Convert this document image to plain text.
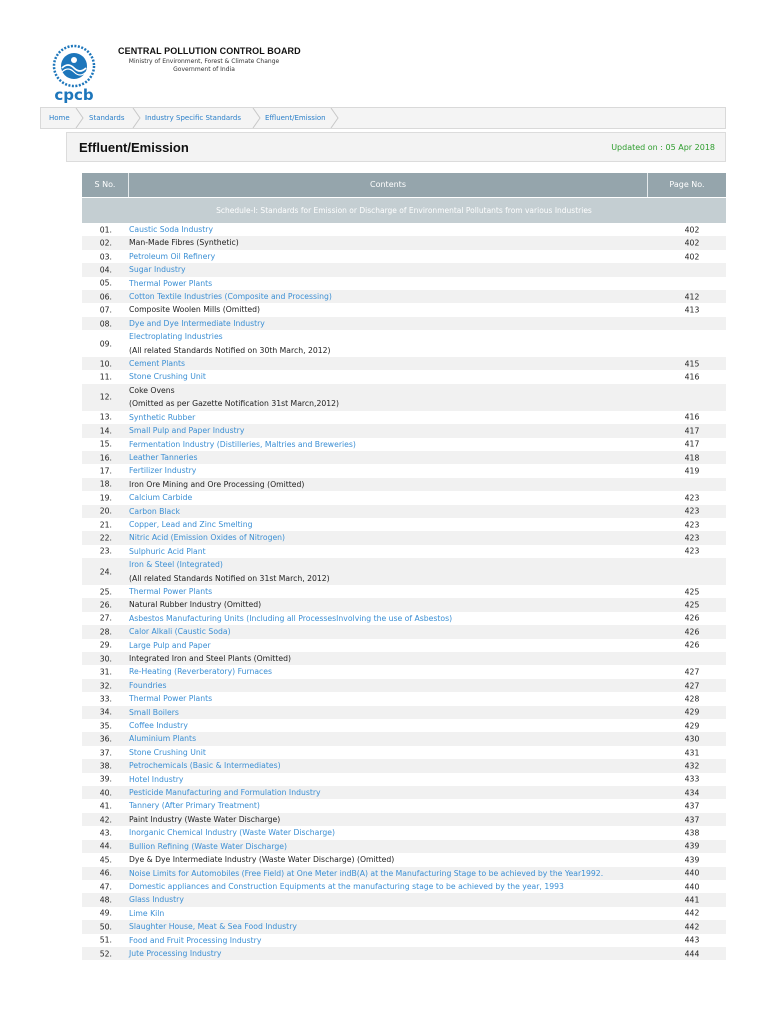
cpcb
CENTRAL POLLUTION CONTROL BOARD
Ministry of Environment, Forest & Climate Change
Government of India
Home	Standards	Industry Specific Standards	Effluent/Emission
Effluent/Emission	Updated on : 05 Apr 2018
S No.	Contents	Page No.
Schedule-I: Standards for Emission or Discharge of Environmental Pollutants from various Industries
01. Caustic Soda Industry	402
02. Man-Made Fibres (Synthetic)	402
03. Petroleum Oil Refinery	402
04. Sugar Industry
05. Thermal Power Plants
06. Cotton Textile Industries (Composite and Processing)	412
07. Composite Woolen Mills (Omitted)	413
08. Dye and Dye Intermediate Industry
09.
Electroplating Industries
(All related Standards Notified on 30th March, 2012)
10. Cement Plants	415
11. Stone Crushing Unit	416
12.
Coke Ovens
(Omitted as per Gazette Notification 31st Marcn,2012)
13. Synthetic Rubber	416
14. Small Pulp and Paper Industry	417
15. Fermentation Industry (Distilleries, Maltries and Breweries)	417
16. Leather Tanneries	418
17. Fertilizer Industry	419
18. Iron Ore Mining and Ore Processing (Omitted)
19. Calcium Carbide	423
20. Carbon Black	423
21. Copper, Lead and Zinc Smelting	423
22. Nitric Acid (Emission Oxides of Nitrogen)	423
23. Sulphuric Acid Plant	423
24.
Iron & Steel (Integrated)
(All related Standards Notified on 31st March, 2012)
25. Thermal Power Plants	425
26. Natural Rubber Industry (Omitted)	425
27. Asbestos Manufacturing Units (Including all ProcessesInvolving the use of Asbestos)	426
28. Calor Alkali (Caustic Soda)	426
29. Large Pulp and Paper	426
30. Integrated Iron and Steel Plants (Omitted)
31. Re-Heating (Reverberatory) Furnaces	427
32. Foundries	427
33. Thermal Power Plants	428
34. Small Boilers	429
35. Coffee Industry	429
36. Aluminium Plants	430
37. Stone Crushing Unit	431
38. Petrochemicals (Basic & Intermediates)	432
39. Hotel Industry	433
40. Pesticide Manufacturing and Formulation Industry	434
41. Tannery (After Primary Treatment)	437
42. Paint Industry (Waste Water Discharge)	437
43. Inorganic Chemical Industry (Waste Water Discharge)	438
44. Bullion Refining (Waste Water Discharge)	439
45. Dye & Dye Intermediate Industry (Waste Water Discharge) (Omitted)	439
46. Noise Limits for Automobiles (Free Field) at One Meter indB(A) at the Manufacturing Stage to be achieved by the Year1992.	440
47. Domestic appliances and Construction Equipments at the manufacturing stage to be achieved by the year, 1993	440
48. Glass Industry	441
49. Lime Kiln	442
50. Slaughter House, Meat & Sea Food Industry	442
51. Food and Fruit Processing Industry	443
52. Jute Processing Industry	444
